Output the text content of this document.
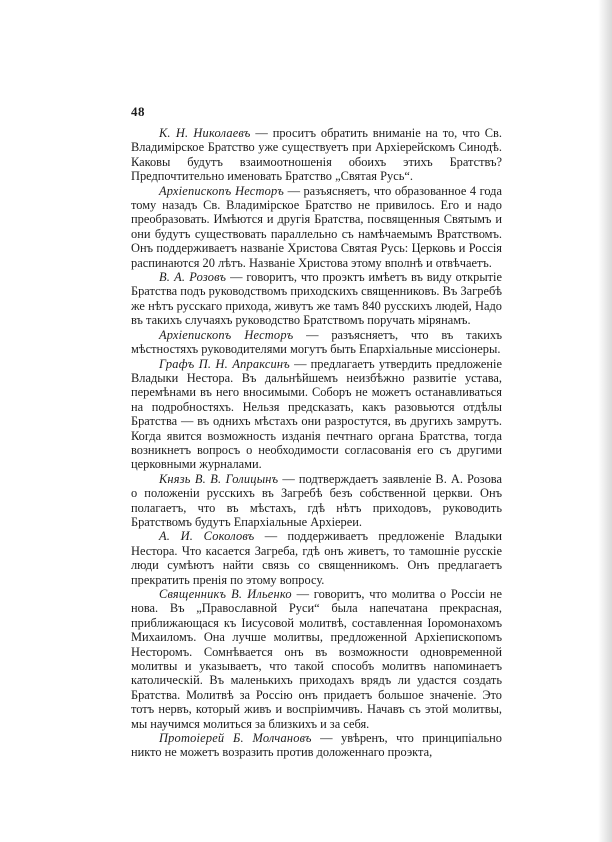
48

К. Н. Николаевъ — проситъ обратить вниманіе на то, что Св. Владимірское Братство уже существуетъ при Архіерейскомъ Синодѣ. Каковы будутъ взаимоотношенія обоихъ этихъ Братствъ? Предпочтительно именовать Братство „Святая Русь“.

Архіепископъ Несторъ — разъясняетъ, что образованное 4 года тому назадъ Св. Владимірское Братство не привилось. Его и надо преобразовать. Имѣются и другія Братства, посвященныя Святымъ и они будутъ существовать параллельно съ намѣчаемымъ Вратствомъ. Онъ поддерживаетъ названіе Христова Святая Русь: Церковь и Россія распинаются 20 лѣтъ. Названіе Христова этому вполнѣ и отвѣчаетъ.

В. А. Розовъ — говоритъ, что проэктъ имѣетъ въ виду открытіе Братства подъ руководствомъ приходскихъ священниковъ. Въ Загребѣ же нѣтъ русскаго прихода, живутъ же тамъ 840 русскихъ людей, Надо въ такихъ случаяхъ руководство Братствомъ поручать мірянамъ.

Архіепископъ Несторъ — разъясняетъ, что въ такихъ мѣстностяхъ руководителями могутъ быть Епархіальные миссіонеры.

Графъ П. Н. Апраксинъ — предлагаетъ утвердить предложеніе Владыки Нестора. Въ дальнѣйшемъ неизбѣжно развитіе устава, перемѣнами въ него вносимыми. Соборъ не можетъ останавливаться на подробностяхъ. Нельзя предсказать, какъ разовьются отдѣлы Братства — въ однихъ мѣстахъ они разростутся, въ другихъ замрутъ. Когда явится возможность изданія печтнаго органа Братства, тогда возникнетъ вопросъ о необходимости согласованія его съ другими церковными журналами.

Князь В. В. Голицынъ — подтверждаетъ заявленіе В. А. Розова о положеніи русскихъ въ Загребѣ безъ собственной церкви. Онъ полагаетъ, что въ мѣстахъ, гдѣ нѣтъ приходовъ, руководить Братствомъ будутъ Епархіальные Архіереи.

А. И. Соколовъ — поддерживаетъ предложеніе Владыки Нестора. Что касается Загреба, гдѣ онъ живетъ, то тамошніе русскіе люди сумѣютъ найти связь со священникомъ. Онъ предлагаетъ прекратить пренія по этому вопросу.

Священникъ В. Ильенко — говоритъ, что молитва о Россіи не нова. Въ „Православной Руси“ была напечатана прекрасная, приближающася къ Іисусовой молитвѣ, составленная Іоромонахомъ Михаиломъ. Она лучше молитвы, предложенной Архіепископомъ Несторомъ. Сомнѣвается онъ въ возможности одновременной молитвы и указываетъ, что такой способъ молитвъ напоминаетъ католическій. Въ маленькихъ приходахъ врядъ ли удастся создать Братства. Молитвѣ за Россію онъ придаетъ большое значеніе. Это тотъ нервъ, который живъ и воспріимчивъ. Начавъ съ этой молитвы, мы научимся молиться за близкихъ и за себя.

Протоіерей Б. Молчановъ — увѣренъ, что принципіально никто не можетъ возразить против доложеннаго проэкта,
